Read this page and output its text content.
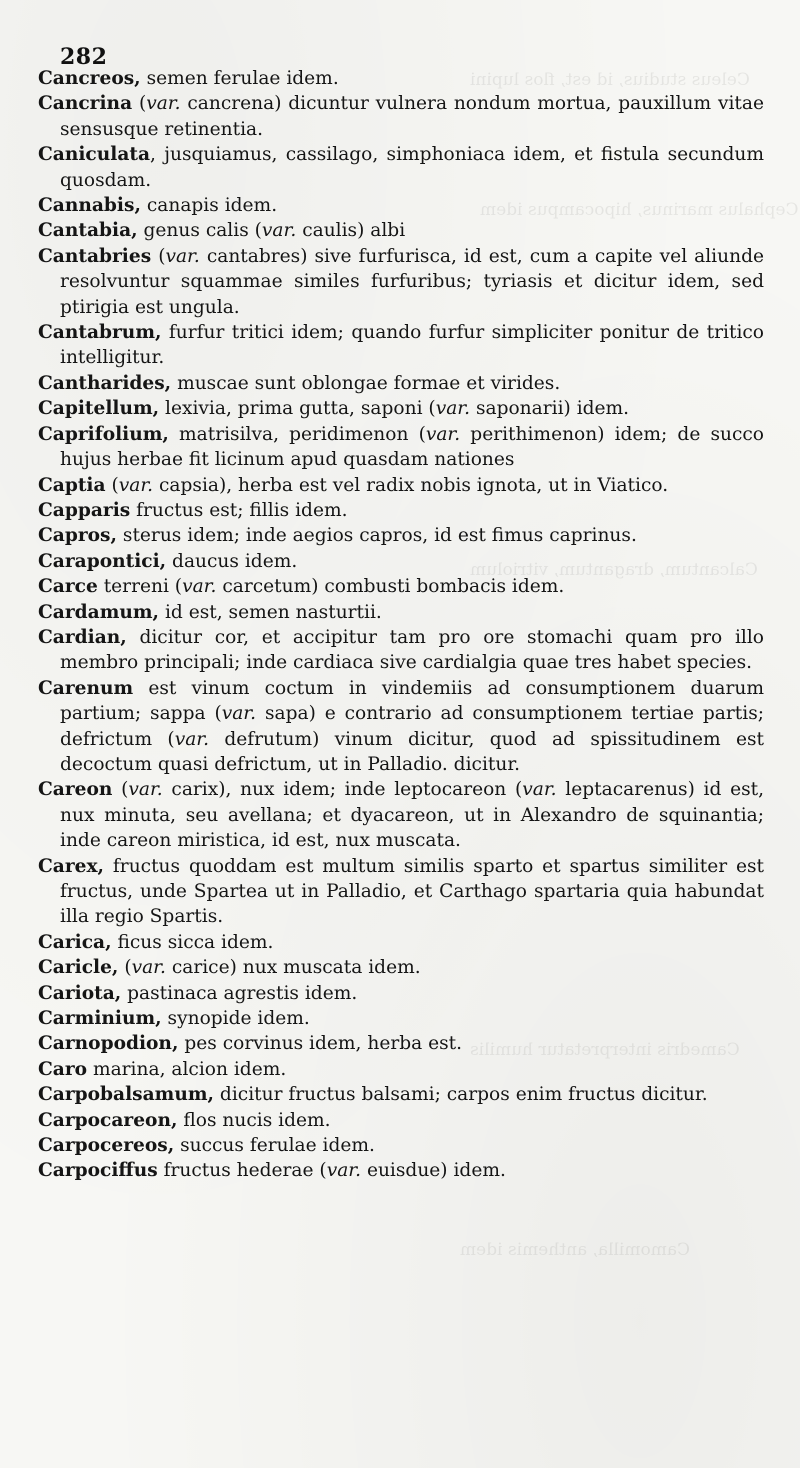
Celeus studius, id est, flos lupini
Cephalus marinus, hipocampus idem
Calcantum, dragantum, vitriolum
Camedris interpretatur humilis
Camomilla, anthemis idem
282
Cancreos, semen ferulae idem.
Cancrina (var. cancrena) dicuntur vulnera nondum mortua, pauxillum vitae sensusque retinentia.
Caniculata, jusquiamus, cassilago, simphoniaca idem, et fistula secundum quosdam.
Cannabis, canapis idem.
Cantabia, genus calis (var. caulis) albi
Cantabries (var. cantabres) sive furfurisca, id est, cum a capite vel aliunde resolvuntur squammae similes furfuribus; tyriasis et dicitur idem, sed ptirigia est ungula.
Cantabrum, furfur tritici idem; quando furfur simpliciter ponitur de tritico intelligitur.
Cantharides, muscae sunt oblongae formae et virides.
Capitellum, lexivia, prima gutta, saponi (var. saponarii) idem.
Caprifolium, matrisilva, peridimenon (var. perithimenon) idem; de succo hujus herbae fit licinum apud quasdam nationes
Captia (var. capsia), herba est vel radix nobis ignota, ut in Viatico.
Capparis fructus est; fillis idem.
Capros, sterus idem; inde aegios capros, id est fimus caprinus.
Carapontici, daucus idem.
Carce terreni (var. carcetum) combusti bombacis idem.
Cardamum, id est, semen nasturtii.
Cardian, dicitur cor, et accipitur tam pro ore stomachi quam pro illo membro principali; inde cardiaca sive cardialgia quae tres habet species.
Carenum est vinum coctum in vindemiis ad consumptionem duarum partium; sappa (var. sapa) e contrario ad consumptionem tertiae partis; defrictum (var. defrutum) vinum dicitur, quod ad spissitudinem est decoctum quasi defrictum, ut in Palladio. dicitur.
Careon (var. carix), nux idem; inde leptocareon (var. leptacarenus) id est, nux minuta, seu avellana; et dyacareon, ut in Alexandro de squinantia; inde careon miristica, id est, nux muscata.
Carex, fructus quoddam est multum similis sparto et spartus similiter est fructus, unde Spartea ut in Palladio, et Carthago spartaria quia habundat illa regio Spartis.
Carica, ficus sicca idem.
Caricle, (var. carice) nux muscata idem.
Cariota, pastinaca agrestis idem.
Carminium, synopide idem.
Carnopodion, pes corvinus idem, herba est.
Caro marina, alcion idem.
Carpobalsamum, dicitur fructus balsami; carpos enim fructus dicitur.
Carpocareon, flos nucis idem.
Carpocereos, succus ferulae idem.
Carpociffus fructus hederae (var. euisdue) idem.
